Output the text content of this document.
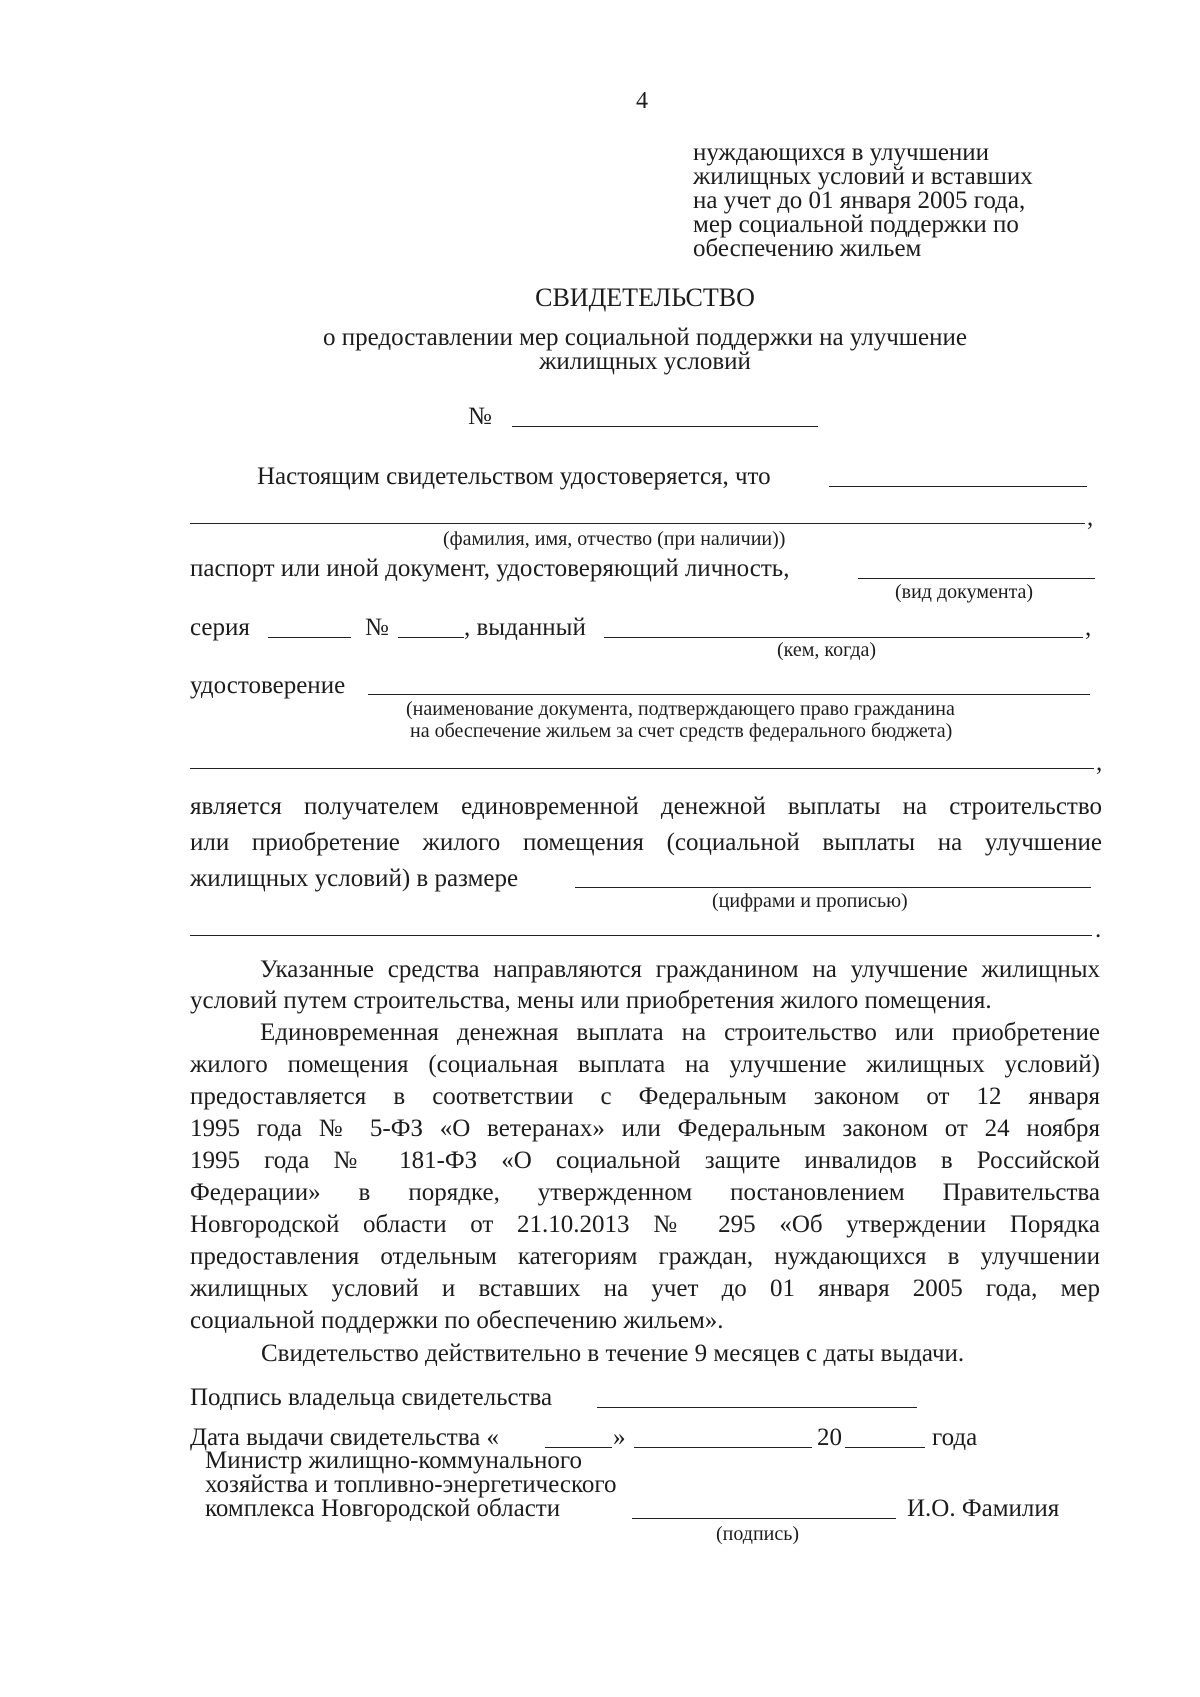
4
нуждающихся в улучшении
жилищных условий и вставших
на учет до 01 января 2005 года,
мер социальной поддержки по
обеспечению жильем
СВИДЕТЕЛЬСТВО
о предоставлении мер социальной поддержки на улучшение
жилищных условий
№
Настоящим свидетельством удостоверяется, что
,
(фамилия, имя, отчество (при наличии))
паспорт или иной документ, удостоверяющий личность,
(вид документа)
серия	№	, выданный	,
(кем, когда)
удостоверение
(наименование документа, подтверждающего право гражданина
на обеспечение жильем за счет средств федерального бюджета)
,
является получателем единовременной денежной выплаты на строительство
или приобретение жилого помещения (социальной выплаты на улучшение
жилищных условий) в размере
(цифрами и прописью)
.
Указанные средства направляются гражданином на улучшение жилищных
условий путем строительства, мены или приобретения жилого помещения.
Единовременная денежная выплата на строительство или приобретение
жилого помещения (социальная выплата на улучшение жилищных условий)
предоставляется в соответствии с Федеральным законом от 12 января
1995 года № 5-ФЗ «О ветеранах» или Федеральным законом от 24 ноября
1995 года № 181-ФЗ «О социальной защите инвалидов в Российской
Федерации» в порядке, утвержденном постановлением Правительства
Новгородской области от 21.10.2013 № 295 «Об утверждении Порядка
предоставления отдельным категориям граждан, нуждающихся в улучшении
жилищных условий и вставших на учет до 01 января 2005 года, мер
социальной поддержки по обеспечению жильем».
Свидетельство действительно в течение 9 месяцев с даты выдачи.
Подпись владельца свидетельства
Дата выдачи свидетельства «	»	20	года
Министр жилищно-коммунального
хозяйства и топливно-энергетического
комплекса Новгородской области	И.О. Фамилия
(подпись)
